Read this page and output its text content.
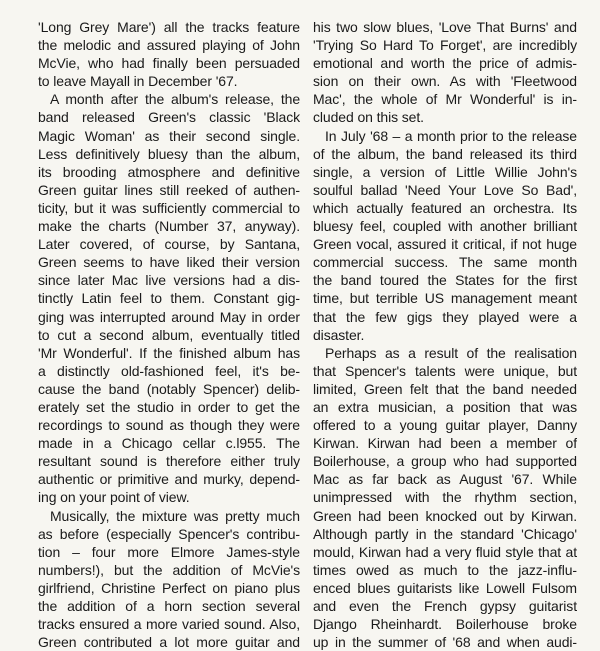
'Long Grey Mare') all the tracks feature
the melodic and assured playing of John
McVie, who had finally been persuaded
to leave Mayall in December '67.
A month after the album's release, the
band released Green's classic 'Black
Magic Woman' as their second single.
Less definitively bluesy than the album,
its brooding atmosphere and definitive
Green guitar lines still reeked of authen-
ticity, but it was sufficiently commercial to
make the charts (Number 37, anyway).
Later covered, of course, by Santana,
Green seems to have liked their version
since later Mac live versions had a dis-
tinctly Latin feel to them. Constant gig-
ging was interrupted around May in order
to cut a second album, eventually titled
'Mr Wonderful'. If the finished album has
a distinctly old-fashioned feel, it's be-
cause the band (notably Spencer) delib-
erately set the studio in order to get the
recordings to sound as though they were
made in a Chicago cellar c.l955. The
resultant sound is therefore either truly
authentic or primitive and murky, depend-
ing on your point of view.
Musically, the mixture was pretty much
as before (especially Spencer's contribu-
tion – four more Elmore James-style
numbers!), but the addition of McVie's
girlfriend, Christine Perfect on piano plus
the addition of a horn section several
tracks ensured a more varied sound. Also,
Green contributed a lot more guitar and
his two slow blues, 'Love That Burns' and
'Trying So Hard To Forget', are incredibly
emotional and worth the price of admis-
sion on their own. As with 'Fleetwood
Mac', the whole of Mr Wonderful' is in-
cluded on this set.
In July '68 – a month prior to the release
of the album, the band released its third
single, a version of Little Willie John's
soulful ballad 'Need Your Love So Bad',
which actually featured an orchestra. Its
bluesy feel, coupled with another brilliant
Green vocal, assured it critical, if not huge
commercial success. The same month
the band toured the States for the first
time, but terrible US management meant
that the few gigs they played were a
disaster.
Perhaps as a result of the realisation
that Spencer's talents were unique, but
limited, Green felt that the band needed
an extra musician, a position that was
offered to a young guitar player, Danny
Kirwan. Kirwan had been a member of
Boilerhouse, a group who had supported
Mac as far back as August '67. While
unimpressed with the rhythm section,
Green had been knocked out by Kirwan.
Although partly in the standard 'Chicago'
mould, Kirwan had a very fluid style that at
times owed as much to the jazz-influ-
enced blues guitarists like Lowell Fulsom
and even the French gypsy guitarist
Django Rheinhardt. Boilerhouse broke
up in the summer of '68 and when audi-
